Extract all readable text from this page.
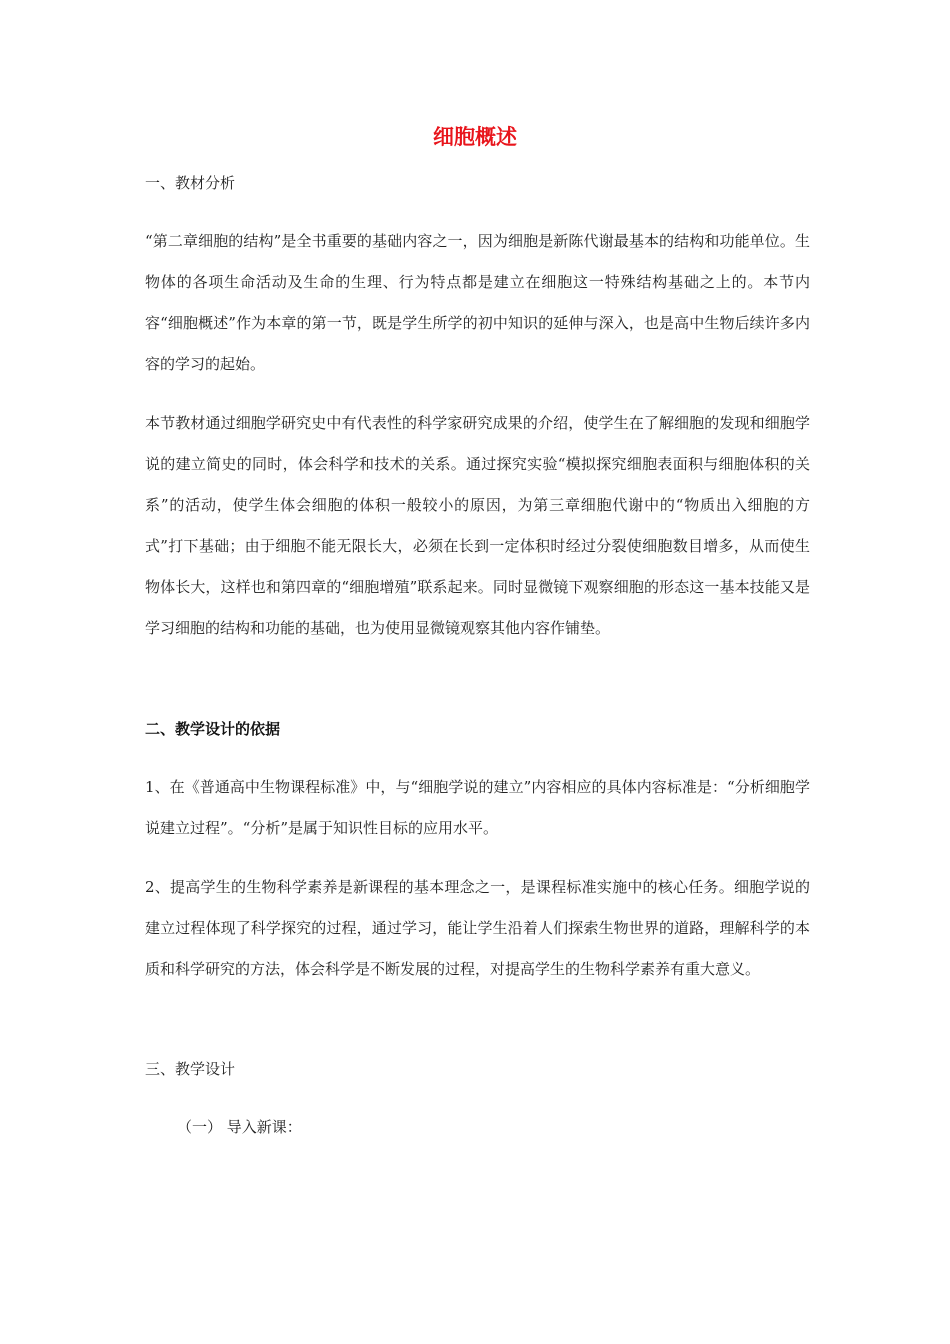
细胞概述

一、教材分析

“第二章细胞的结构”是全书重要的基础内容之一，因为细胞是新陈代谢最基本的结构和功能单位。生物体的各项生命活动及生命的生理、行为特点都是建立在细胞这一特殊结构基础之上的。本节内容“细胞概述”作为本章的第一节，既是学生所学的初中知识的延伸与深入，也是高中生物后续许多内容的学习的起始。

本节教材通过细胞学研究史中有代表性的科学家研究成果的介绍，使学生在了解细胞的发现和细胞学说的建立简史的同时，体会科学和技术的关系。通过探究实验“模拟探究细胞表面积与细胞体积的关系”的活动，使学生体会细胞的体积一般较小的原因，为第三章细胞代谢中的“物质出入细胞的方式”打下基础；由于细胞不能无限长大，必须在长到一定体积时经过分裂使细胞数目增多，从而使生物体长大，这样也和第四章的“细胞增殖”联系起来。同时显微镜下观察细胞的形态这一基本技能又是学习细胞的结构和功能的基础，也为使用显微镜观察其他内容作铺垫。

二、教学设计的依据

1、在《普通高中生物课程标准》中，与“细胞学说的建立”内容相应的具体内容标准是：“分析细胞学说建立过程”。“分析”是属于知识性目标的应用水平。

2、提高学生的生物科学素养是新课程的基本理念之一，是课程标准实施中的核心任务。细胞学说的建立过程体现了科学探究的过程，通过学习，能让学生沿着人们探索生物世界的道路，理解科学的本质和科学研究的方法，体会科学是不断发展的过程，对提高学生的生物科学素养有重大意义。

三、教学设计

（一） 导入新课：
